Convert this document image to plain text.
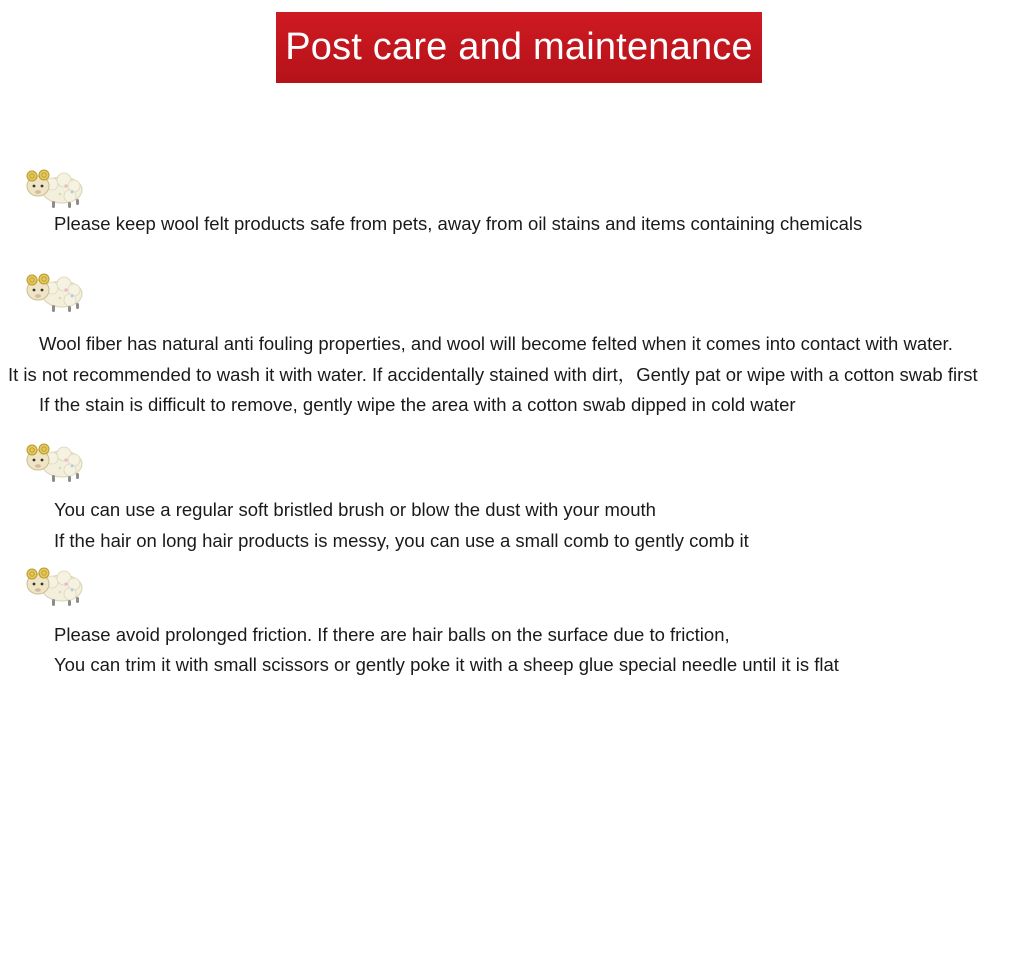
Post care and maintenance
Please keep wool felt products safe from pets, away from oil stains and items containing chemicals
Wool fiber has natural anti fouling properties, and wool will become felted when it comes into contact with water.
It is not recommended to wash it with water. If accidentally stained with dirt，Gently pat or wipe with a cotton swab first
If the stain is difficult to remove, gently wipe the area with a cotton swab dipped in cold water
You can use a regular soft bristled brush or blow the dust with your mouth
If the hair on long hair products is messy, you can use a small comb to gently comb it
Please avoid prolonged friction. If there are hair balls on the surface due to friction,
You can trim it with small scissors or gently poke it with a sheep glue special needle until it is flat
